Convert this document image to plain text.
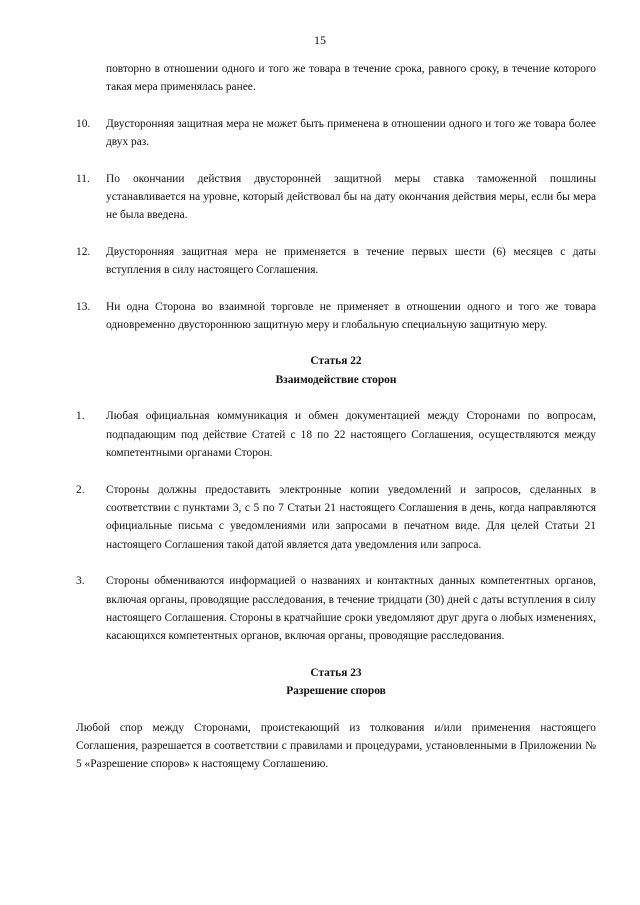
15
повторно в отношении одного и того же товара в течение срока, равного сроку, в течение которого такая мера применялась ранее.
10.	Двусторонняя защитная мера не может быть применена в отношении одного и того же товара более двух раз.
11.	По окончании действия двусторонней защитной меры ставка таможенной пошлины устанавливается на уровне, который действовал бы на дату окончания действия меры, если бы мера не была введена.
12.	Двусторонняя защитная мера не применяется в течение первых шести (6) месяцев с даты вступления в силу настоящего Соглашения.
13.	Ни одна Сторона во взаимной торговле не применяет в отношении одного и того же товара одновременно двустороннюю защитную меру и глобальную специальную защитную меру.
Статья 22
Взаимодействие сторон
1.	Любая официальная коммуникация и обмен документацией между Сторонами по вопросам, подпадающим под действие Статей с 18 по 22 настоящего Соглашения, осуществляются между компетентными органами Сторон.
2.	Стороны должны предоставить электронные копии уведомлений и запросов, сделанных в соответствии с пунктами 3, с 5 по 7 Статьи 21 настоящего Соглашения в день, когда направляются официальные письма с уведомлениями или запросами в печатном виде. Для целей Статьи 21 настоящего Соглашения такой датой является дата уведомления или запроса.
3.	Стороны обмениваются информацией о названиях и контактных данных компетентных органов, включая органы, проводящие расследования, в течение тридцати (30) дней с даты вступления в силу настоящего Соглашения. Стороны в кратчайшие сроки уведомляют друг друга о любых изменениях, касающихся компетентных органов, включая органы, проводящие расследования.
Статья 23
Разрешение споров
Любой спор между Сторонами, проистекающий из толкования и/или применения настоящего Соглашения, разрешается в соответствии с правилами и процедурами, установленными в Приложении № 5 «Разрешение споров» к настоящему Соглашению.
